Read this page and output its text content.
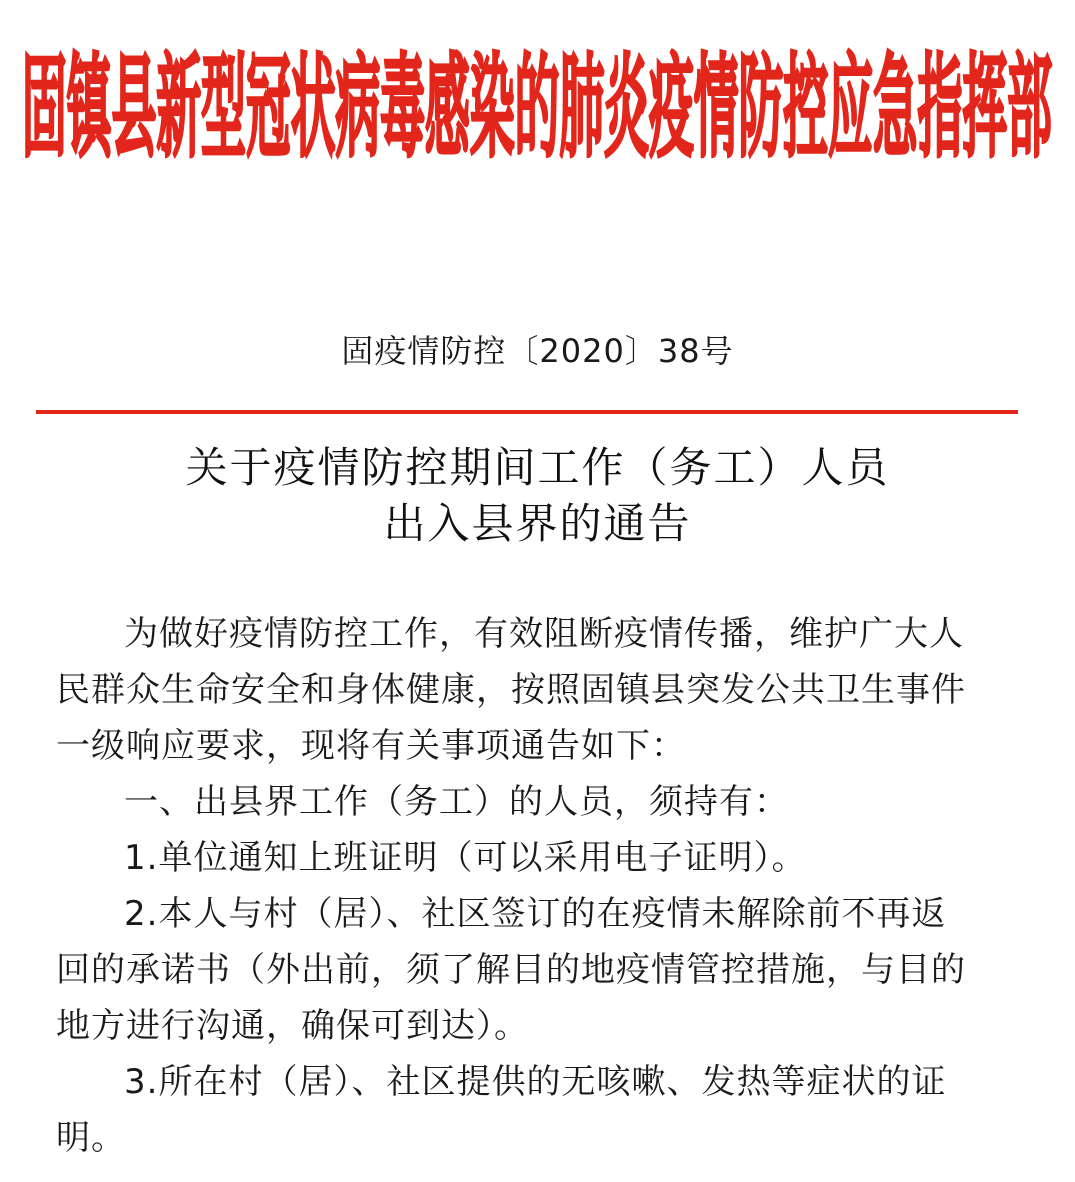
固镇县新型冠状病毒感染的肺炎疫情防控应急指挥部
固疫情防控〔2020〕38号
关于疫情防控期间工作（务工）人员
出入县界的通告

为做好疫情防控工作，有效阻断疫情传播，维护广大人民群众生命安全和身体健康，按照固镇县突发公共卫生事件一级响应要求，现将有关事项通告如下：

一、出县界工作（务工）的人员，须持有：

1.单位通知上班证明（可以采用电子证明）。

2.本人与村（居）、社区签订的在疫情未解除前不再返回的承诺书（外出前，须了解目的地疫情管控措施，与目的地方进行沟通，确保可到达）。

3.所在村（居）、社区提供的无咳嗽、发热等症状的证明。
